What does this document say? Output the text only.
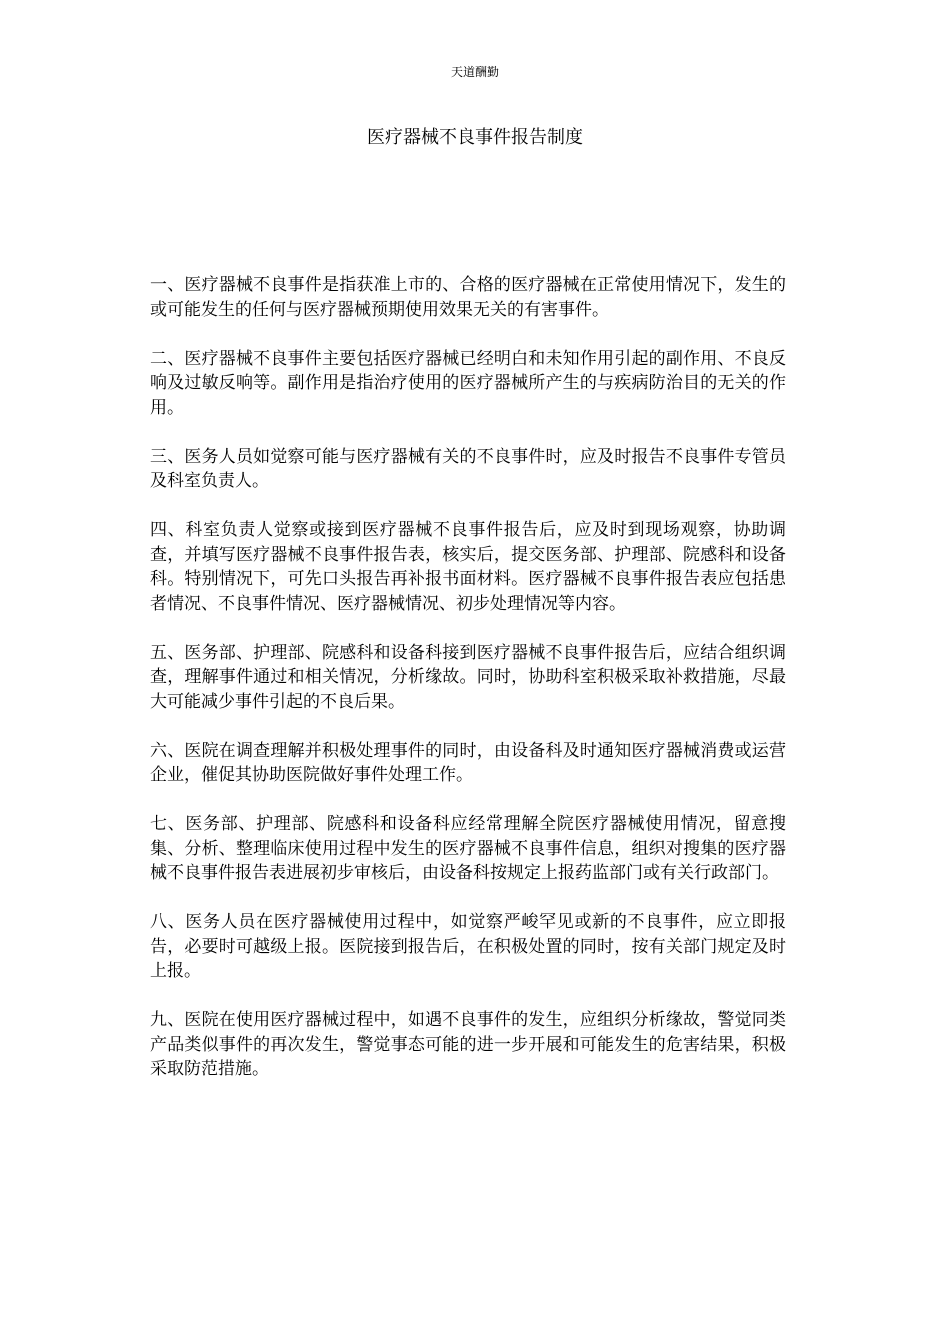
天道酬勤
医疗器械不良事件报告制度

一、医疗器械不良事件是指获准上市的、合格的医疗器械在正常使用情况下，发生的或可能发生的任何与医疗器械预期使用效果无关的有害事件。

二、医疗器械不良事件主要包括医疗器械已经明白和未知作用引起的副作用、不良反响及过敏反响等。副作用是指治疗使用的医疗器械所产生的与疾病防治目的无关的作用。

三、医务人员如觉察可能与医疗器械有关的不良事件时，应及时报告不良事件专管员及科室负责人。

四、科室负责人觉察或接到医疗器械不良事件报告后，应及时到现场观察，协助调查，并填写医疗器械不良事件报告表，核实后，提交医务部、护理部、院感科和设备科。特别情况下，可先口头报告再补报书面材料。医疗器械不良事件报告表应包括患者情况、不良事件情况、医疗器械情况、初步处理情况等内容。

五、医务部、护理部、院感科和设备科接到医疗器械不良事件报告后，应结合组织调查，理解事件通过和相关情况，分析缘故。同时，协助科室积极采取补救措施，尽最大可能减少事件引起的不良后果。

六、医院在调查理解并积极处理事件的同时，由设备科及时通知医疗器械消费或运营企业，催促其协助医院做好事件处理工作。

七、医务部、护理部、院感科和设备科应经常理解全院医疗器械使用情况，留意搜集、分析、整理临床使用过程中发生的医疗器械不良事件信息，组织对搜集的医疗器械不良事件报告表进展初步审核后，由设备科按规定上报药监部门或有关行政部门。

八、医务人员在医疗器械使用过程中，如觉察严峻罕见或新的不良事件，应立即报告，必要时可越级上报。医院接到报告后，在积极处置的同时，按有关部门规定及时上报。

九、医院在使用医疗器械过程中，如遇不良事件的发生，应组织分析缘故，警觉同类产品类似事件的再次发生，警觉事态可能的进一步开展和可能发生的危害结果，积极采取防范措施。
